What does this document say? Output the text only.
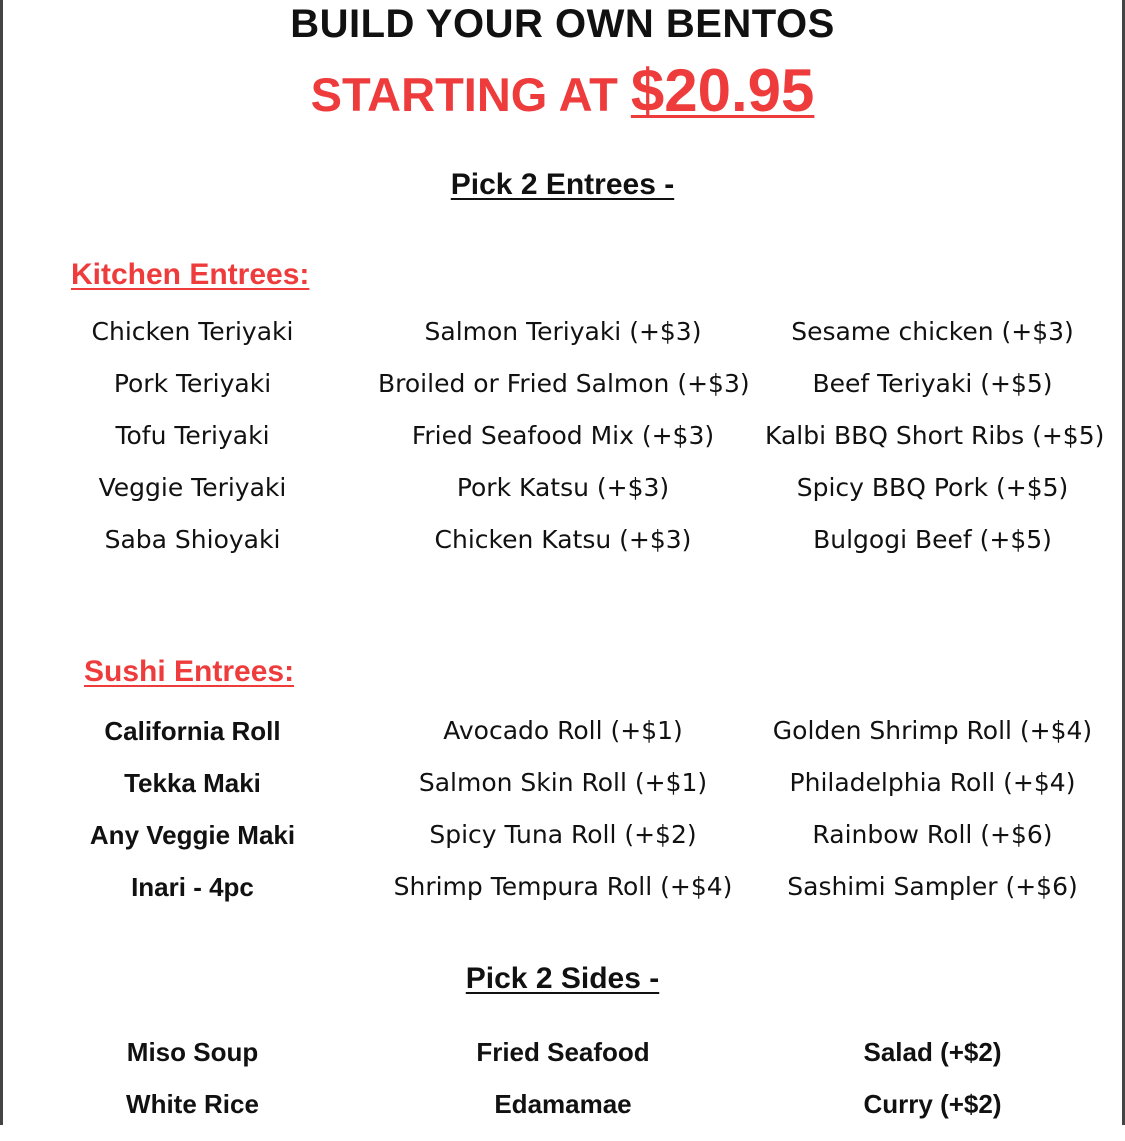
BUILD YOUR OWN BENTOS
STARTING AT $20.95
Pick 2 Entrees -
Kitchen Entrees:
Chicken Teriyaki	Salmon Teriyaki (+$3)	Sesame chicken (+$3)
Pork Teriyaki	Broiled or Fried Salmon (+$3)	Beef Teriyaki (+$5)
Tofu Teriyaki	Fried Seafood Mix (+$3)	Kalbi BBQ Short Ribs (+$5)
Veggie Teriyaki	Pork Katsu (+$3)	Spicy BBQ Pork (+$5)
Saba Shioyaki	Chicken Katsu (+$3)	Bulgogi Beef (+$5)
Sushi Entrees:
California Roll	Avocado Roll (+$1)	Golden Shrimp Roll (+$4)
Tekka Maki	Salmon Skin Roll (+$1)	Philadelphia Roll (+$4)
Any Veggie Maki	Spicy Tuna Roll (+$2)	Rainbow Roll (+$6)
Inari - 4pc	Shrimp Tempura Roll (+$4)	Sashimi Sampler (+$6)
Pick 2 Sides -
Miso Soup	Fried Seafood	Salad (+$2)
White Rice	Edamamae	Curry (+$2)
